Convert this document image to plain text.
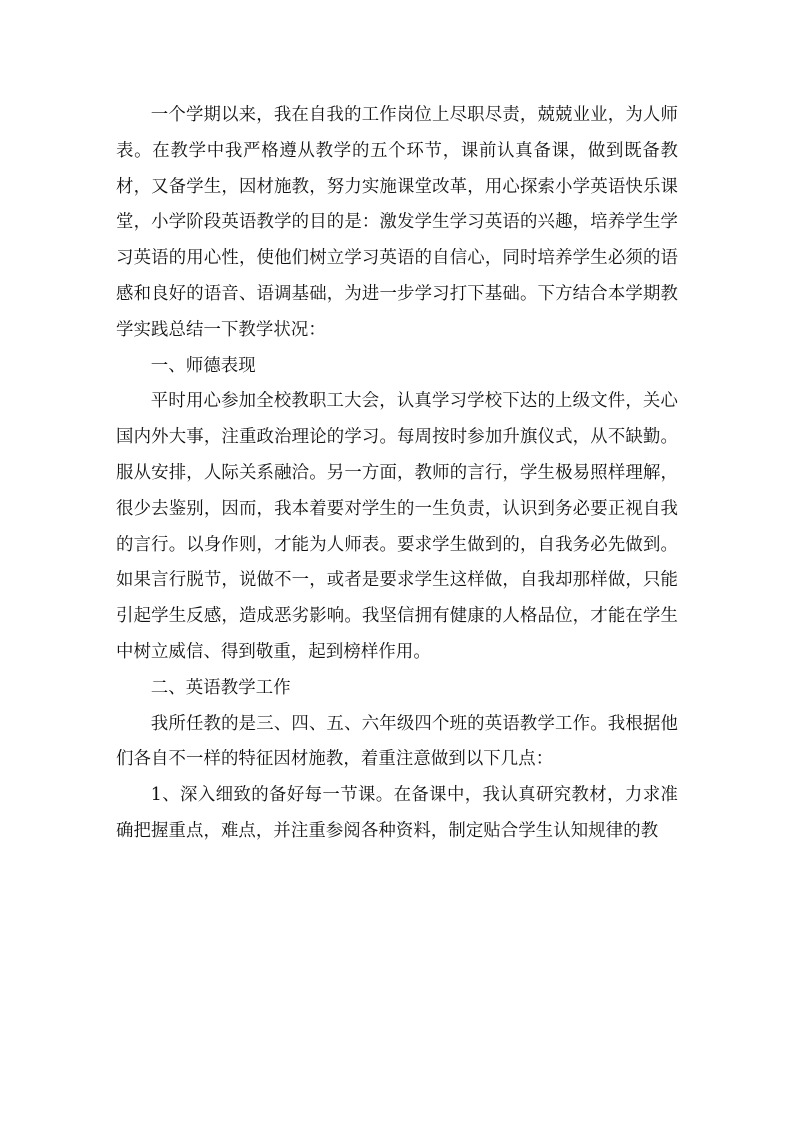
一个学期以来，我在自我的工作岗位上尽职尽责，兢兢业业，为人师表。在教学中我严格遵从教学的五个环节，课前认真备课，做到既备教材，又备学生，因材施教，努力实施课堂改革，用心探索小学英语快乐课堂，小学阶段英语教学的目的是：激发学生学习英语的兴趣，培养学生学习英语的用心性，使他们树立学习英语的自信心，同时培养学生必须的语感和良好的语音、语调基础，为进一步学习打下基础。下方结合本学期教学实践总结一下教学状况：

一、师德表现

平时用心参加全校教职工大会，认真学习学校下达的上级文件，关心国内外大事，注重政治理论的学习。每周按时参加升旗仪式，从不缺勤。服从安排，人际关系融洽。另一方面，教师的言行，学生极易照样理解，很少去鉴别，因而，我本着要对学生的一生负责，认识到务必要正视自我的言行。以身作则，才能为人师表。要求学生做到的，自我务必先做到。如果言行脱节，说做不一，或者是要求学生这样做，自我却那样做，只能引起学生反感，造成恶劣影响。我坚信拥有健康的人格品位，才能在学生中树立威信、得到敬重，起到榜样作用。

二、英语教学工作

我所任教的是三、四、五、六年级四个班的英语教学工作。我根据他们各自不一样的特征因材施教，着重注意做到以下几点：

1、深入细致的备好每一节课。在备课中，我认真研究教材，力求准确把握重点，难点，并注重参阅各种资料，制定贴合学生认知规律的教
